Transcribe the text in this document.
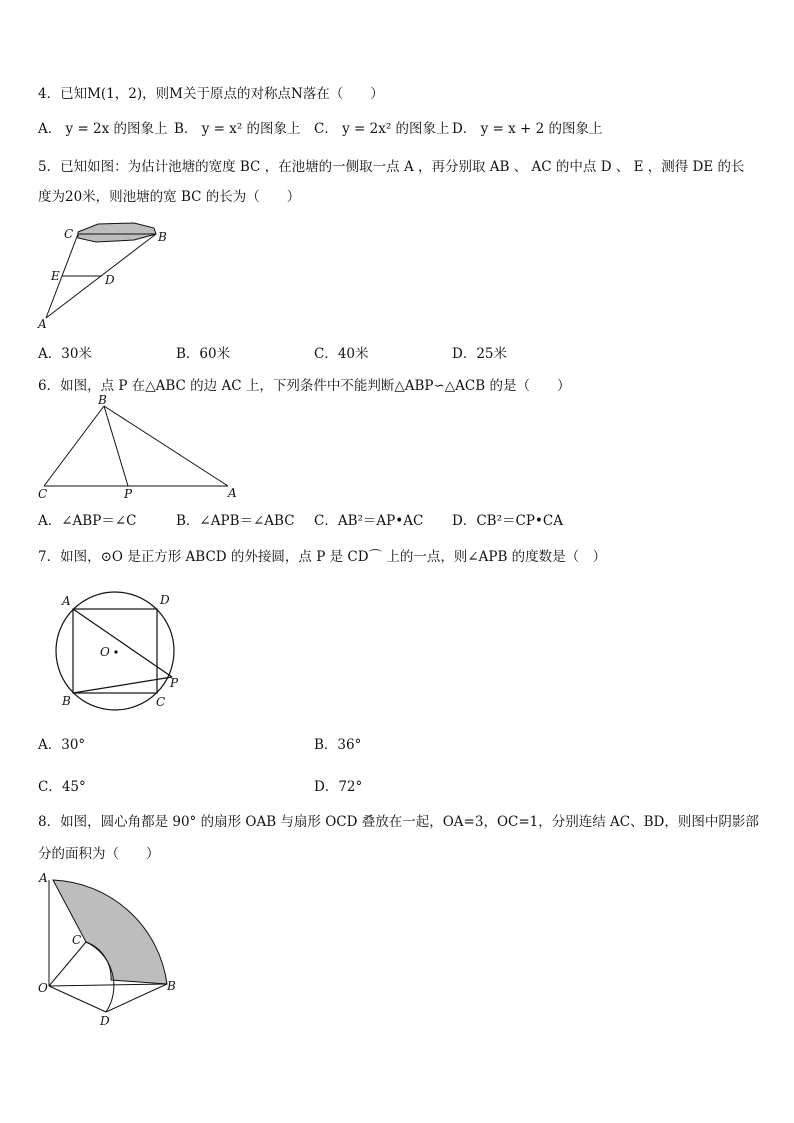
4．已知M(1，2)，则M关于原点的对称点N落在（　　）
A． y = 2x 的图象上 B． y = x² 的图象上 C． y = 2x² 的图象上 D． y = x + 2 的图象上
5．已知如图：为估计池塘的宽度 BC ，在池塘的一侧取一点 A ，再分别取 AB 、 AC 的中点 D 、 E ，测得 DE 的长
度为20米，则池塘的宽 BC 的长为（　　）
C	B
E	D
A
A．30米	B．60米	C．40米	D．25米
6．如图，点 P 在△ABC 的边 AC 上，下列条件中不能判断△ABP∽△ACB 的是（　　）
B
C	P	A
A．∠ABP＝∠C	B．∠APB＝∠ABC C．AB²＝AP•AC D．CB²＝CP•CA
7．如图，⊙O 是正方形 ABCD 的外接圆，点 P 是 CD⌒ 上的一点，则∠APB 的度数是（　）
A	D
O
P
B	C
A．30°	B．36°
C．45°	D．72°
8．如图，圆心角都是 90° 的扇形 OAB 与扇形 OCD 叠放在一起，OA=3，OC=1，分别连结 AC、BD，则图中阴影部
分的面积为（　　）
A
C
O	B
D
